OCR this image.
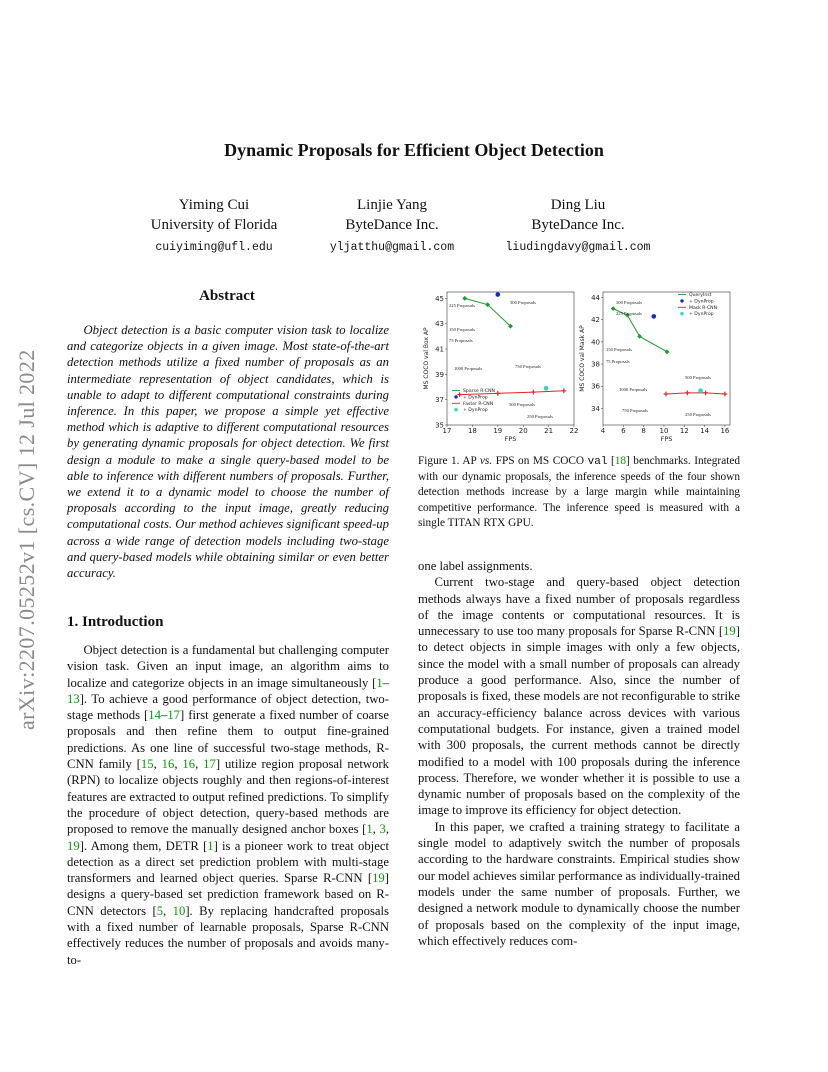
Dynamic Proposals for Efficient Object Detection
Yiming Cui
University of Florida
cuiyiming@ufl.edu
Linjie Yang
ByteDance Inc.
yljatthu@gmail.com
Ding Liu
ByteDance Inc.
liudingdavy@gmail.com
arXiv:2207.05252v1 [cs.CV] 12 Jul 2022
Abstract

Object detection is a basic computer vision task to localize and categorize objects in a given image. Most state-of-the-art detection methods utilize a fixed number of proposals as an intermediate representation of object candidates, which is unable to adapt to different computational constraints during inference. In this paper, we propose a simple yet effective method which is adaptive to different computational resources by generating dynamic proposals for object detection. We first design a module to make a single query-based model to be able to inference with different numbers of proposals. Further, we extend it to a dynamic model to choose the number of proposals according to the input image, greatly reducing computational costs. Our method achieves significant speed-up across a wide range of detection models including two-stage and query-based models while obtaining similar or even better accuracy.

1. Introduction

Object detection is a fundamental but challenging computer vision task. Given an input image, an algorithm aims to localize and categorize objects in an image simultaneously [1–13]. To achieve a good performance of object detection, two-stage methods [14–17] first generate a fixed number of coarse proposals and then refine them to output fine-grained predictions. As one line of successful two-stage methods, R-CNN family [15, 16, 16, 17] utilize region proposal network (RPN) to localize objects roughly and then regions-of-interest features are extracted to output refined predictions. To simplify the procedure of object detection, query-based methods are proposed to remove the manually designed anchor boxes [1, 3, 19]. Among them, DETR [1] is a pioneer work to treat object detection as a direct set prediction problem with multi-stage transformers and learned object queries. Sparse R-CNN [19] designs a query-based set prediction framework based on R-CNN detectors [5, 10]. By replacing handcrafted proposals with a fixed number of learnable proposals, Sparse R-CNN effectively reduces the number of proposals and avoids many-to-

17 18 19 20 21 22
35
37
39
41
43
45
FPS
MS COCO val Box AP
225 Proposals
300 Proposals
150 Proposals
75 Proposals
1000 Proposals	750 Proposals
500 Proposals
250 Proposals
Sparse R-CNN
+ DynProp
Faster R-CNN
+ DynProp
4 6 8 10 12 14 16
34
36
38
40
42
44
FPS
MS COCO val Mask AP
300 Proposals
225 Proposals
150 Proposals
75 Proposals
500 Proposals
1000 Proposals
750 Proposals
250 Proposals
QueryInst
+ DynProp
Mask R-CNN
+ DynProp
Figure 1. AP vs. FPS on MS COCO val [18] benchmarks. Integrated with our dynamic proposals, the inference speeds of the four shown detection methods increase by a large margin while maintaining competitive performance. The inference speed is measured with a single TITAN RTX GPU.
one label assignments.

Current two-stage and query-based object detection methods always have a fixed number of proposals regardless of the image contents or computational resources. It is unnecessary to use too many proposals for Sparse R-CNN [19] to detect objects in simple images with only a few objects, since the model with a small number of proposals can already produce a good performance. Also, since the number of proposals is fixed, these models are not reconfigurable to strike an accuracy-efficiency balance across devices with various computational budgets. For instance, given a trained model with 300 proposals, the current methods cannot be directly modified to a model with 100 proposals during the inference process. Therefore, we wonder whether it is possible to use a dynamic number of proposals based on the complexity of the image to improve its efficiency for object detection.

In this paper, we crafted a training strategy to facilitate a single model to adaptively switch the number of proposals according to the hardware constraints. Empirical studies show our model achieves similar performance as individually-trained models under the same number of proposals. Further, we designed a network module to dynamically choose the number of proposals based on the complexity of the input image, which effectively reduces com-
